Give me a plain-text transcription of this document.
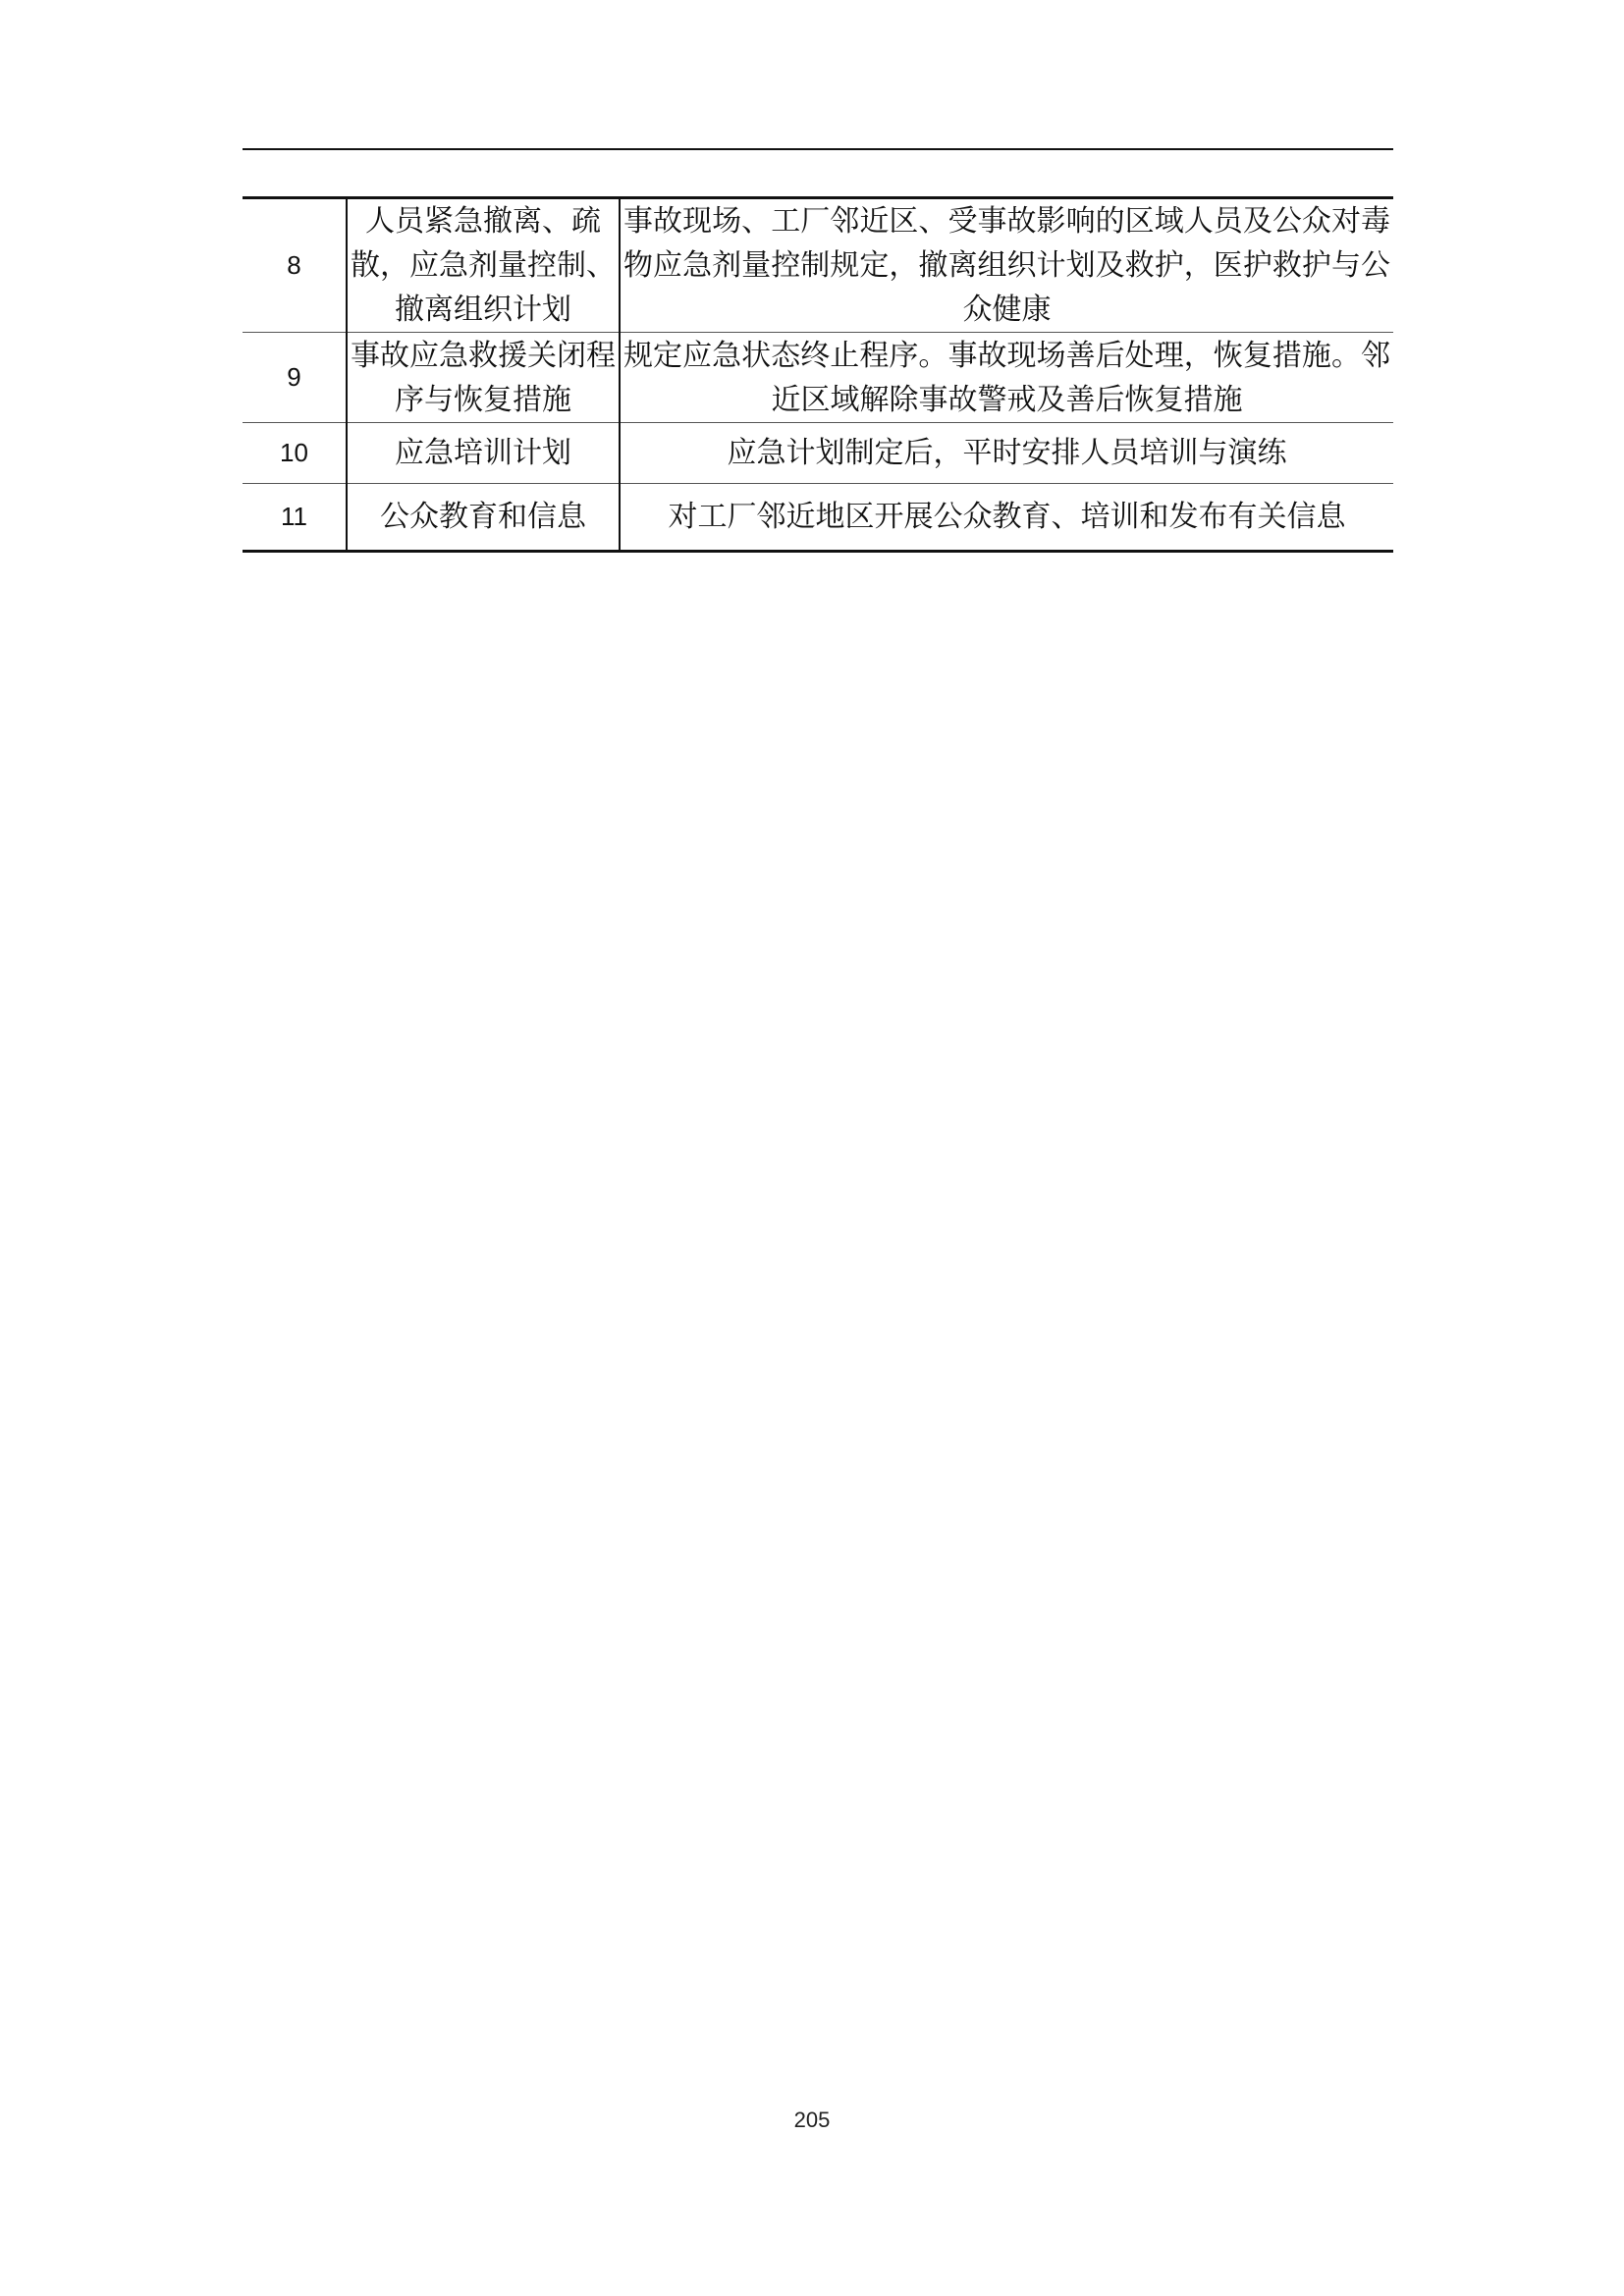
8	人员紧急撤离、疏散，应急剂量控制、撤离组织计划	事故现场、工厂邻近区、受事故影响的区域人员及公众对毒物应急剂量控制规定，撤离组织计划及救护，医护救护与公众健康
9	事故应急救援关闭程序与恢复措施	规定应急状态终止程序。事故现场善后处理，恢复措施。邻近区域解除事故警戒及善后恢复措施
10	应急培训计划	应急计划制定后，平时安排人员培训与演练
11	公众教育和信息	对工厂邻近地区开展公众教育、培训和发布有关信息
205
